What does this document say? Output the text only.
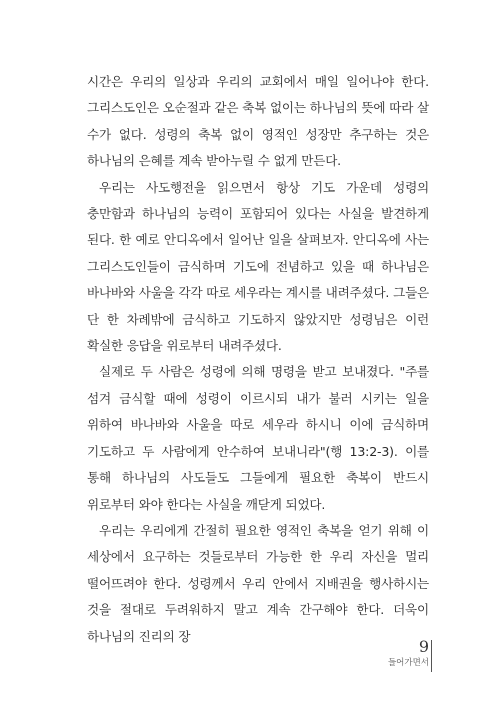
시간은 우리의 일상과 우리의 교회에서 매일 일어나야 한다. 그리스도인은 오순절과 같은 축복 없이는 하나님의 뜻에 따라 살 수가 없다. 성령의 축복 없이 영적인 성장만 추구하는 것은 하나님의 은혜를 계속 받아누릴 수 없게 만든다.

우리는 사도행전을 읽으면서 항상 기도 가운데 성령의 충만함과 하나님의 능력이 포함되어 있다는 사실을 발견하게 된다. 한 예로 안디옥에서 일어난 일을 살펴보자. 안디옥에 사는 그리스도인들이 금식하며 기도에 전념하고 있을 때 하나님은 바나바와 사울을 각각 따로 세우라는 계시를 내려주셨다. 그들은 단 한 차례밖에 금식하고 기도하지 않았지만 성령님은 이런 확실한 응답을 위로부터 내려주셨다.

실제로 두 사람은 성령에 의해 명령을 받고 보내졌다. "주를 섬겨 금식할 때에 성령이 이르시되 내가 불러 시키는 일을 위하여 바나바와 사울을 따로 세우라 하시니 이에 금식하며 기도하고 두 사람에게 안수하여 보내니라"(행 13:2-3). 이를 통해 하나님의 사도들도 그들에게 필요한 축복이 반드시 위로부터 와야 한다는 사실을 깨닫게 되었다.

우리는 우리에게 간절히 필요한 영적인 축복을 얻기 위해 이 세상에서 요구하는 것들로부터 가능한 한 우리 자신을 멀리 떨어뜨려야 한다. 성령께서 우리 안에서 지배권을 행사하시는 것을 절대로 두려워하지 말고 계속 간구해야 한다. 더욱이 하나님의 진리의 장

9
들어가면서
